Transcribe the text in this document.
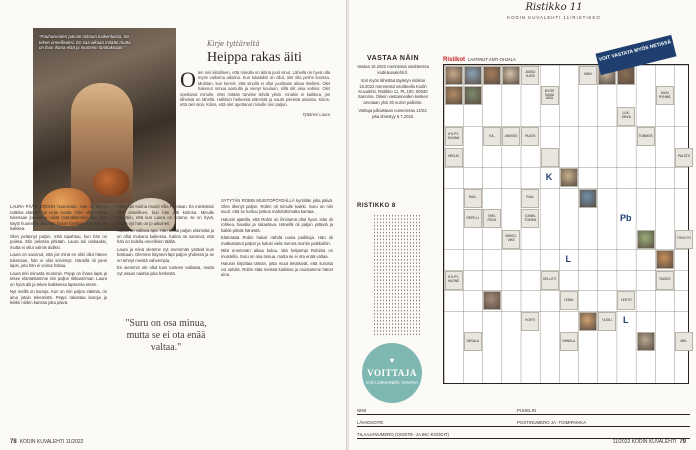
"Pauhaiseiden päivän mittaan kaikenlaista. Se tekee onnelliseksi. En saa aikaan mitään mutta on ihan ihana elää ja mummin fanittaksaan."	Kirje tyttäreltä
Heippa rakas äiti
O len niin kiitollinen, että minulla on äitinä juuri sinut. Lähellä on hyvä olla myös vaikeina aikoina. Kun tukalakin on ollut, olet olla perhe koossa. Muistan, kun kerroit, että sinulla ei ollut juurikaan aikaa itsellesi. Olet hakenut minua aamulla ja vienyt kouluun, sillä olit aina valmis. Olet opettanut minulle, ettei mitään tarvitse tehdä yksin. Ainakin ei kaikkea, jos läheisiä on lähellä. Hallitset hetkessä elämistä ja nautit pienistä asioista. Kiitos, että olet sinä. Kiitos, että olet opettanut minulle niin paljon.
Tyttäresi Laura

LAURA PÄÄSI EROON huumeista. Hän on elänyt raittiina elämää nyt neljä vuotta. Olen ollut hänen tukenaan jokaisena niistä määrälllemme, kun hän käytti huumeita, kun hän halusi lopettaa, kun hän oli kaikkea.

Olen pelännyt paljon, mitä tapahtuu, kun hän on poissa. Elin pelossa pitkään. Laura tuli raskaaksi, mutta ei ollut valmis äidiksi.

Laura on sanonut, että jos minä en olisi ollut hänen tukenaan, hän ei olisi selvinnyt. Hänellä oli pieni lapsi, jota hän ei voinut hoitaa.

Laura teki minusta mummin. Peppi on ihana lapsi ja tekee elämästämme niin paljon rikkaamman. Laura on hyvä äiti ja tekee kaikkensa lapsensa eteen.

Nyt meillä on kanoja. Kun on niin paljon eläimiä, on aina jotain tekemistä. Peppi rakastaa kanoja ja leikkii niiden kanssa joka päivä.

Alka pian Kalina muutti Villa Purolaan. En mielestäni ollut onnellinen, kun hän jätti kotinsa. Minulle sanottiin, että kun Laura on kotona, se on hyvä, mutta nyt hän on jo aikuinen.

Kalina on valtava apu. Hän tietää paljon eläimistä ja on ollut mukana kaikessa. Kalina on sanonut, että hän on todella onnellinen täällä.

Laura ja minä olemme nyt enemmän ystäviä kuin koskaan. Olemme käyneet läpi paljon yhdessä ja se on tehnyt meistä vahvempia.

En aiemmin ole ollut tuon tunteen vallassa, mutta nyt osaan nauttia joka hetkestä.

"Suru on osa minua, mutta se ei ota enää valtaa."

SYTYTÄN ROBIN MUISTOPÖYDÄLLÄ kynttilän joka päivä. Olen itkenyt paljon. Robin oli minulle kaikki. Suru on niin suuri, että se tuntuu joskus mahdottomalta kantaa.

Halusin ajatella, että Robin on ihmisenä ollut hyvä. Hän oli rohkea, hauska ja rakastava. Hänellä oli paljon ystäviä ja kaikki pitivät hänestä.

Elämässä Robin halusi nähdä uusia paikkoja. Hän oli matkustanut paljon ja halusi vielä mennä moniin paikkoihin.

Mitä enemmän aikaa kuluu, sitä helpompi Robinia on muistella. Suru on osa minua, mutta se ei ota enää valtaa.

Halusin kirjoittaa tämän, jotta muut tietäisivät, että surusta voi selvitä. Robin elää meissä kaikissa ja muistamme hänet aina.

78 KODIN KUVALEHTI 11/2022
Ristikko 11
KODIN KUVALEHTI 11/RISTIKKO
VASTAA NÄIN

Vastaa 16.2022 mennessä osoitteessa kodinkuvalehti.fi.

Voit myös lähettää täytetyn ristikon 16.2022 mennessä osoitteella Kodin Kuvalehti, Ristikko 11, PL 100, 00040 Sanoma. Oikein vastanneiden kesken arvotaan yksi 30 euron palkinto.

Voittaja julkaistaan numerossa 14/22, joka ilmestyy 6.7.2022.

RISTIKKO 8
♥
VOITTAJA
EVA LOIKKANEN, VANTAA
Ristikot LAATINUT ANTI OHJALA
JASSU JUSSI
MYÖS SAMA ASIA
NÄIN
KUIN RYHMÄ
LUK-SIKKA
KYLPY-IKKUNA	KA-	ANIKSIS	RUOSI	TOMMOS
HEN-KI
RAA-	RUA-
PALSTA
REPE-LI	VIIKI-REVÄ
MIKKO-VIKE
LOMIN-TOINEN
TONY-FO
KYLPY-HUONE	KELLOTI
LEHTO
ONNELA
TAUSIS
VARALA
KOHTI
LENNI
VUOLI
MIK-
K
Pb
L
L
VOIT VASTATA MYÖS NETISSÄ
NIMI	PUHELIN
LÄHIOSOITE	POSTINUMERO JA -TOIMIPAIKKA
TILAAJANUMERO (OSOITE- JA BIC-KOODIT)
11/2022 KODIN KUVALEHTI 79
